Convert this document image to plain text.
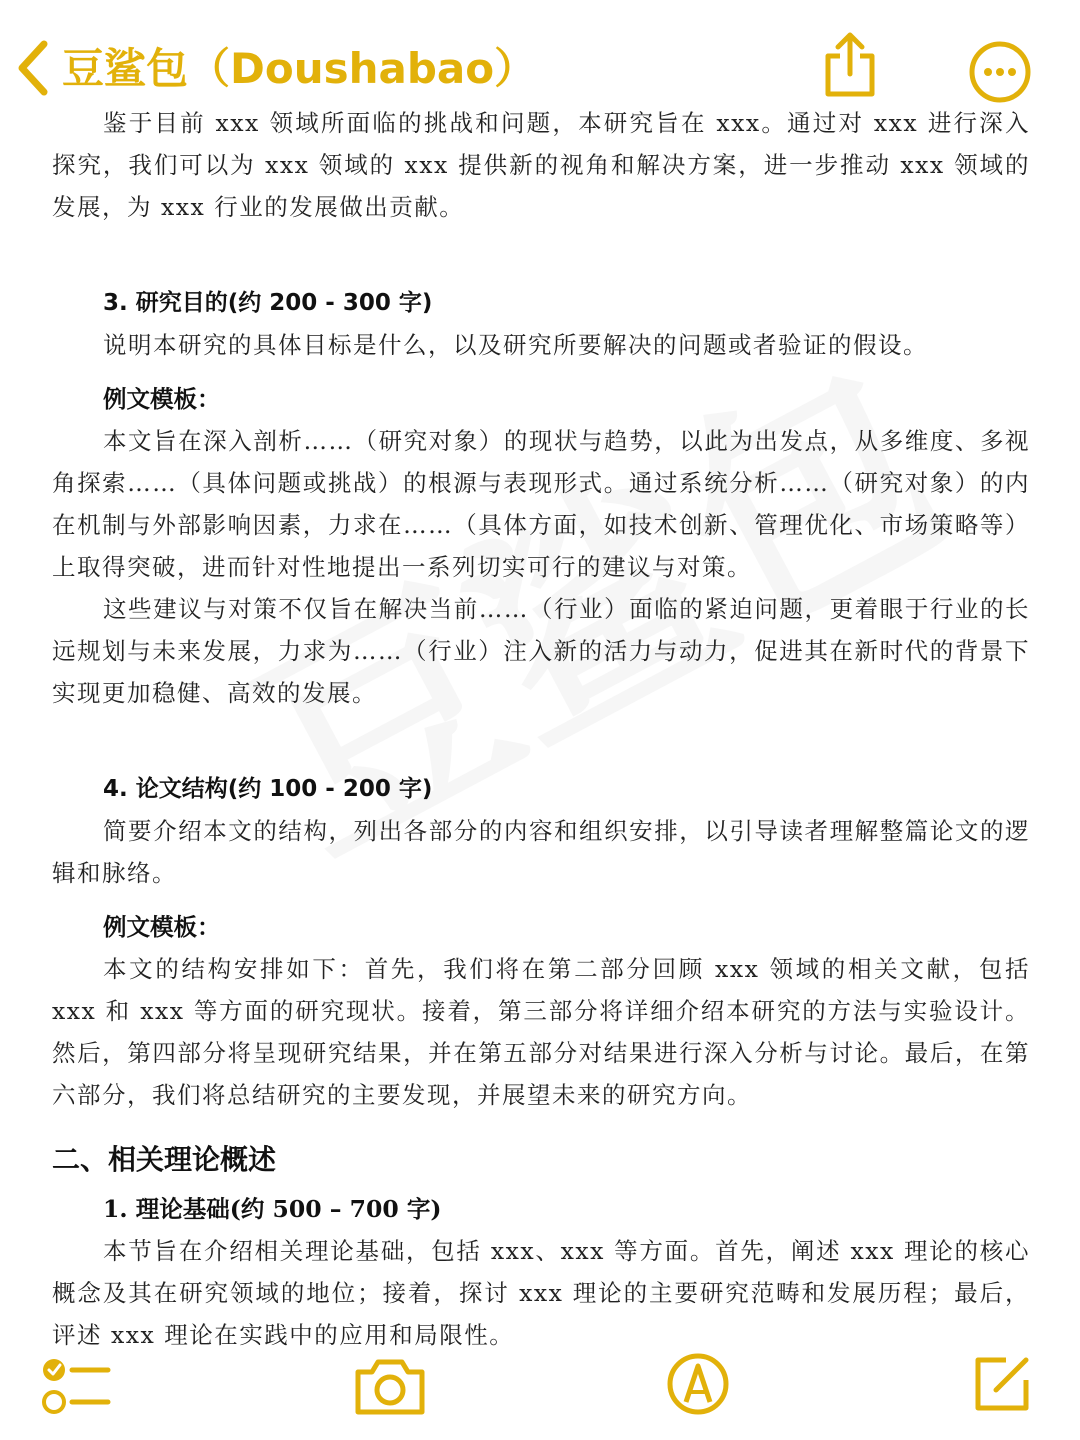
豆鲨包（Doushabao）

鉴于目前 xxx 领域所面临的挑战和问题，本研究旨在 xxx。通过对 xxx 进行深入探究，我们可以为 xxx 领域的 xxx 提供新的视角和解决方案，进一步推动 xxx 领域的发展，为 xxx 行业的发展做出贡献。

3. 研究目的(约 200 - 300 字)

说明本研究的具体目标是什么，以及研究所要解决的问题或者验证的假设。

例文模板：

本文旨在深入剖析……（研究对象）的现状与趋势，以此为出发点，从多维度、多视角探索……（具体问题或挑战）的根源与表现形式。通过系统分析……（研究对象）的内在机制与外部影响因素，力求在……（具体方面，如技术创新、管理优化、市场策略等）上取得突破，进而针对性地提出一系列切实可行的建议与对策。

这些建议与对策不仅旨在解决当前……（行业）面临的紧迫问题，更着眼于行业的长远规划与未来发展，力求为……（行业）注入新的活力与动力，促进其在新时代的背景下实现更加稳健、高效的发展。

4. 论文结构(约 100 - 200 字)

简要介绍本文的结构，列出各部分的内容和组织安排，以引导读者理解整篇论文的逻辑和脉络。

例文模板：

本文的结构安排如下：首先，我们将在第二部分回顾 xxx 领域的相关文献，包括 xxx 和 xxx 等方面的研究现状。接着，第三部分将详细介绍本研究的方法与实验设计。然后，第四部分将呈现研究结果，并在第五部分对结果进行深入分析与讨论。最后，在第六部分，我们将总结研究的主要发现，并展望未来的研究方向。

二、相关理论概述
1. 理论基础(约 500 – 700 字)

本节旨在介绍相关理论基础，包括 xxx、xxx 等方面。首先，阐述 xxx 理论的核心概念及其在研究领域的地位；接着，探讨 xxx 理论的主要研究范畴和发展历程；最后，评述 xxx 理论在实践中的应用和局限性。
